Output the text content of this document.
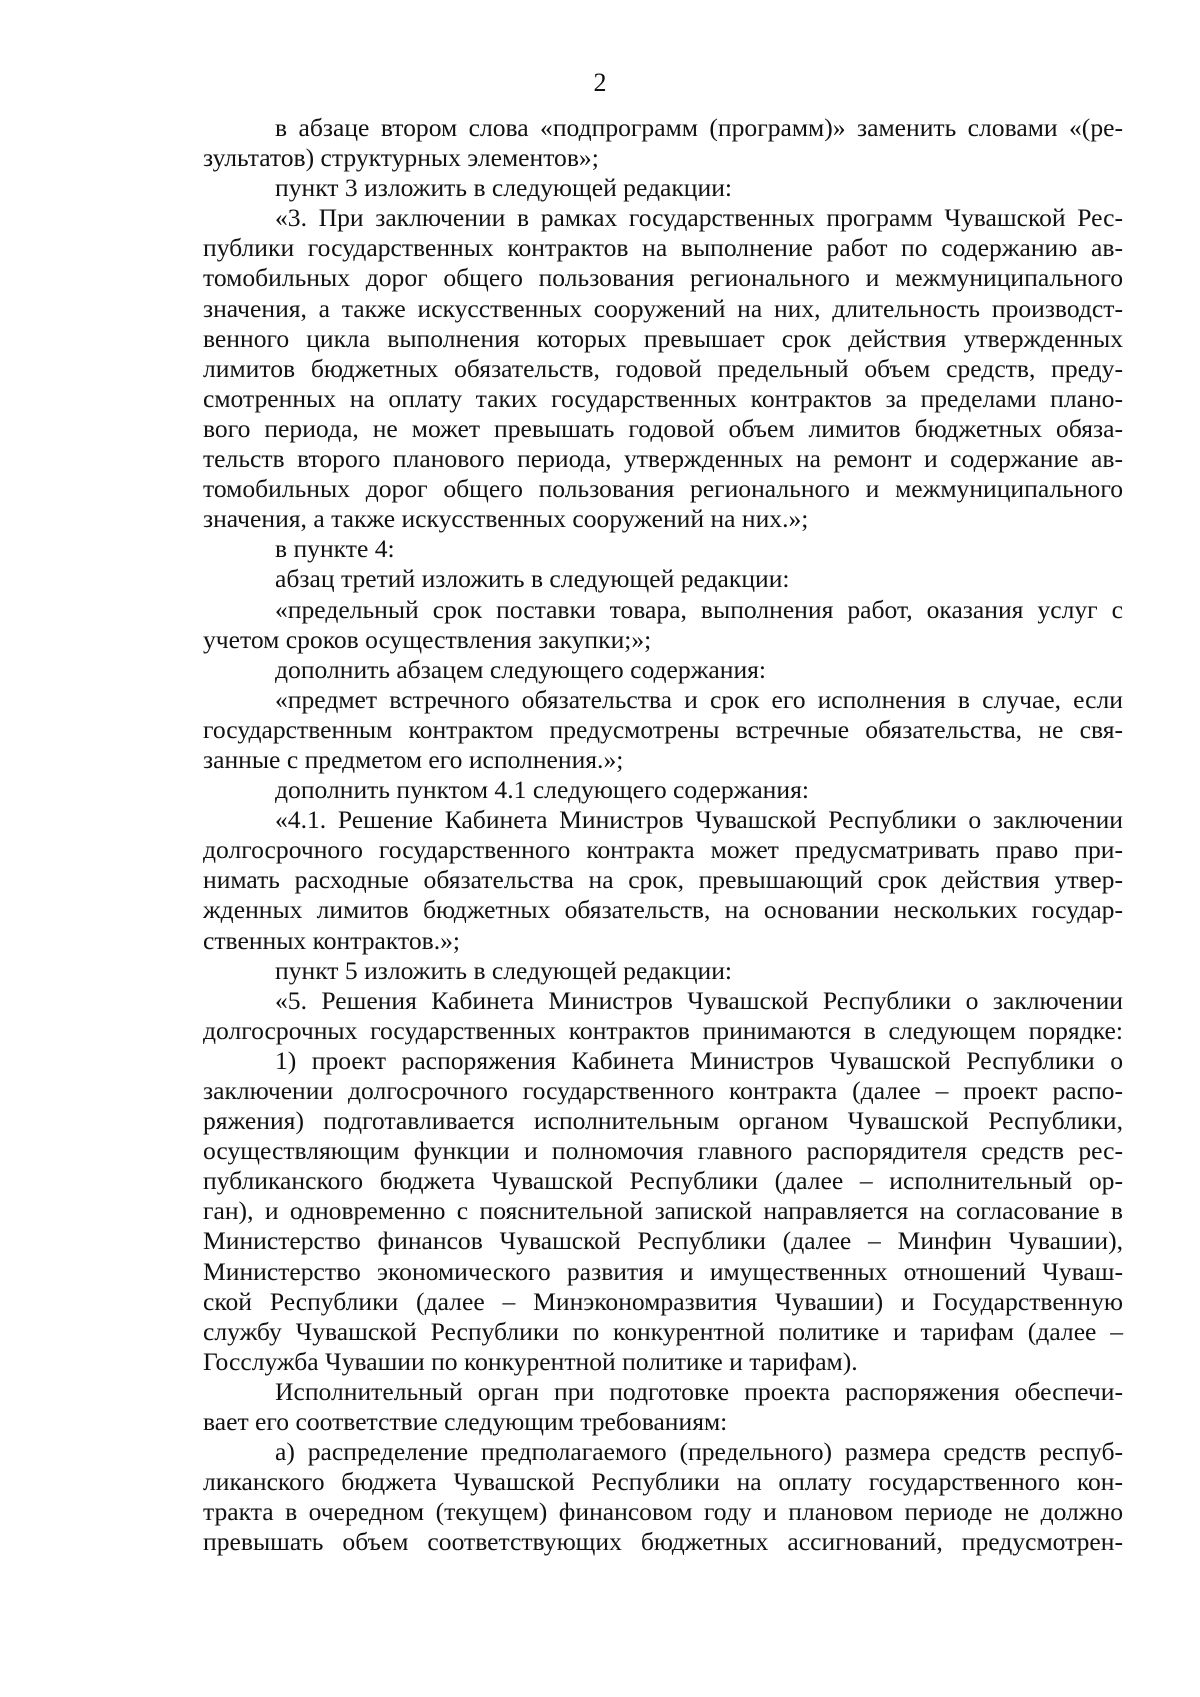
2
в абзаце втором слова «подпрограмм (программ)» заменить словами «(ре-
зультатов) структурных элементов»;
пункт 3 изложить в следующей редакции:
«3. При заключении в рамках государственных программ Чувашской Рес-
публики государственных контрактов на выполнение работ по содержанию ав-
томобильных дорог общего пользования регионального и межмуниципального
значения, а также искусственных сооружений на них, длительность производст-
венного цикла выполнения которых превышает срок действия утвержденных
лимитов бюджетных обязательств, годовой предельный объем средств, преду-
смотренных на оплату таких государственных контрактов за пределами плано-
вого периода, не может превышать годовой объем лимитов бюджетных обяза-
тельств второго планового периода, утвержденных на ремонт и содержание ав-
томобильных дорог общего пользования регионального и межмуниципального
значения, а также искусственных сооружений на них.»;
в пункте 4:
абзац третий изложить в следующей редакции:
«предельный срок поставки товара, выполнения работ, оказания услуг с
учетом сроков осуществления закупки;»;
дополнить абзацем следующего содержания:
«предмет встречного обязательства и срок его исполнения в случае, если
государственным контрактом предусмотрены встречные обязательства, не свя-
занные с предметом его исполнения.»;
дополнить пунктом 4.1 следующего содержания:
«4.1. Решение Кабинета Министров Чувашской Республики о заключении
долгосрочного государственного контракта может предусматривать право при-
нимать расходные обязательства на срок, превышающий срок действия утвер-
жденных лимитов бюджетных обязательств, на основании нескольких государ-
ственных контрактов.»;
пункт 5 изложить в следующей редакции:
«5. Решения Кабинета Министров Чувашской Республики о заключении
долгосрочных государственных контрактов принимаются в следующем порядке:
1) проект распоряжения Кабинета Министров Чувашской Республики о
заключении долгосрочного государственного контракта (далее – проект распо-
ряжения) подготавливается исполнительным органом Чувашской Республики,
осуществляющим функции и полномочия главного распорядителя средств рес-
публиканского бюджета Чувашской Республики (далее – исполнительный ор-
ган), и одновременно с пояснительной запиской направляется на согласование в
Министерство финансов Чувашской Республики (далее – Минфин Чувашии),
Министерство экономического развития и имущественных отношений Чуваш-
ской Республики (далее – Минэкономразвития Чувашии) и Государственную
службу Чувашской Республики по конкурентной политике и тарифам (далее –
Госслужба Чувашии по конкурентной политике и тарифам).
Исполнительный орган при подготовке проекта распоряжения обеспечи-
вает его соответствие следующим требованиям:
а) распределение предполагаемого (предельного) размера средств респуб-
ликанского бюджета Чувашской Республики на оплату государственного кон-
тракта в очередном (текущем) финансовом году и плановом периоде не должно
превышать объем соответствующих бюджетных ассигнований, предусмотрен-
